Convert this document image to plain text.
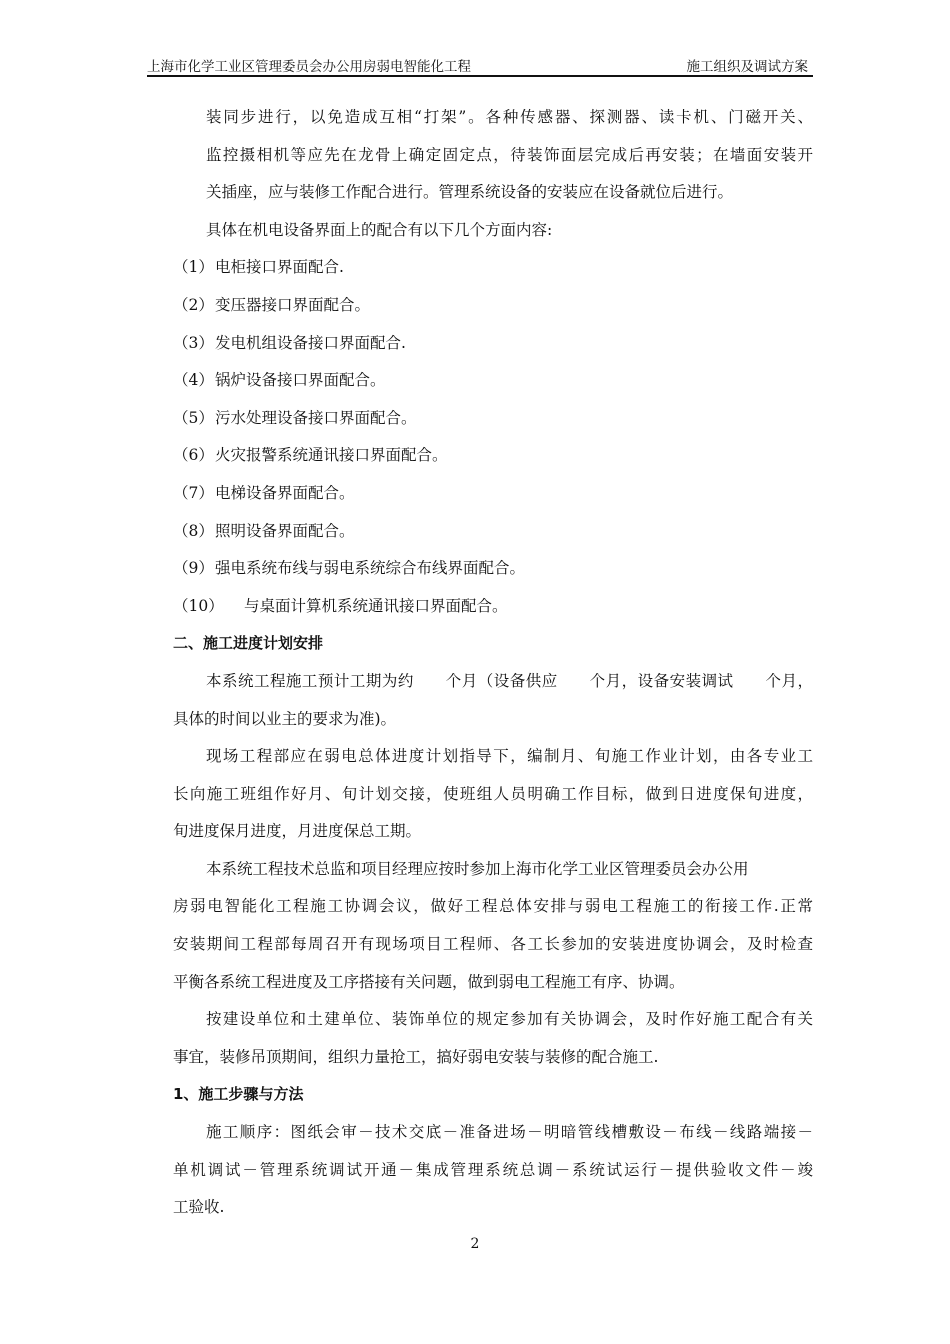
上海市化学工业区管理委员会办公用房弱电智能化工程	施工组织及调试方案
装同步进行，以免造成互相“打架”。各种传感器、探测器、读卡机、门磁开关、
监控摄相机等应先在龙骨上确定固定点，待装饰面层完成后再安装；在墙面安装开
关插座，应与装修工作配合进行。管理系统设备的安装应在设备就位后进行。
具体在机电设备界面上的配合有以下几个方面内容:
（1） 电柜接口界面配合.
（2） 变压器接口界面配合。
（3） 发电机组设备接口界面配合.
（4） 锅炉设备接口界面配合。
（5） 污水处理设备接口界面配合。
（6） 火灾报警系统通讯接口界面配合。
（7） 电梯设备界面配合。
（8） 照明设备界面配合。
（9） 强电系统布线与弱电系统综合布线界面配合。
（10）	与桌面计算机系统通讯接口界面配合。
二、施工进度计划安排
本系统工程施工预计工期为约　　个月（设备供应　　个月，设备安装调试　　个月，
具体的时间以业主的要求为准)。
现场工程部应在弱电总体进度计划指导下，编制月、旬施工作业计划，由各专业工
长向施工班组作好月、旬计划交接，使班组人员明确工作目标，做到日进度保旬进度，
旬进度保月进度，月进度保总工期。
本系统工程技术总监和项目经理应按时参加上海市化学工业区管理委员会办公用
房弱电智能化工程施工协调会议，做好工程总体安排与弱电工程施工的衔接工作.正常
安装期间工程部每周召开有现场项目工程师、各工长参加的安装进度协调会，及时检查
平衡各系统工程进度及工序搭接有关问题，做到弱电工程施工有序、协调。
按建设单位和土建单位、装饰单位的规定参加有关协调会，及时作好施工配合有关
事宜，装修吊顶期间，组织力量抢工，搞好弱电安装与装修的配合施工.
1、施工步骤与方法
施工顺序：图纸会审－技术交底－准备进场－明暗管线槽敷设－布线－线路端接－
单机调试－管理系统调试开通－集成管理系统总调－系统试运行－提供验收文件－竣
工验收.
2
